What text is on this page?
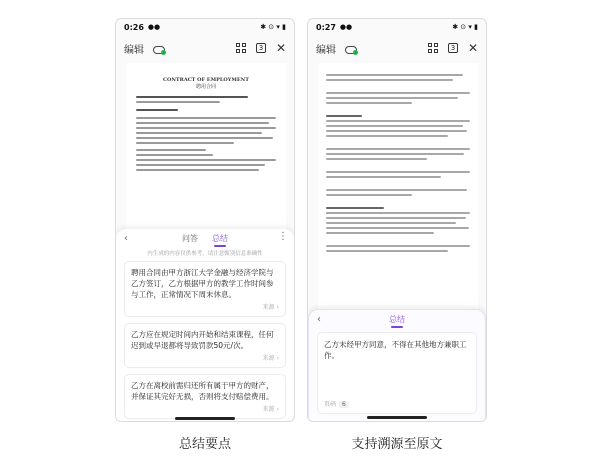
0:26 ●●	✱ ⊙ ▾ ▮
编辑	3 ✕
CONTRACT OF EMPLOYMENT
聘用合同
‹	问答 总结	⋮
内生成的内容仅供参考，请注意甄别信息准确性
聘用合同由甲方浙江大学金融与经济学院与乙方签订，乙方根据甲方的教学工作时间参与工作，正常情况下周末休息。
来源 ›
乙方应在规定时间内开始和结束课程，任何迟到或早退都将导致罚款50元/次。
来源 ›
乙方在离校前需归还所有属于甲方的财产，并保证其完好无损，否则将支付赔偿费用。
来源 ›
0:27 ●●	✱ ⊙ ▾ ▮
编辑	3 ✕
‹	总结
乙方未经甲方同意，不得在其他地方兼职工作。
页码 6
总结要点	支持溯源至原文
